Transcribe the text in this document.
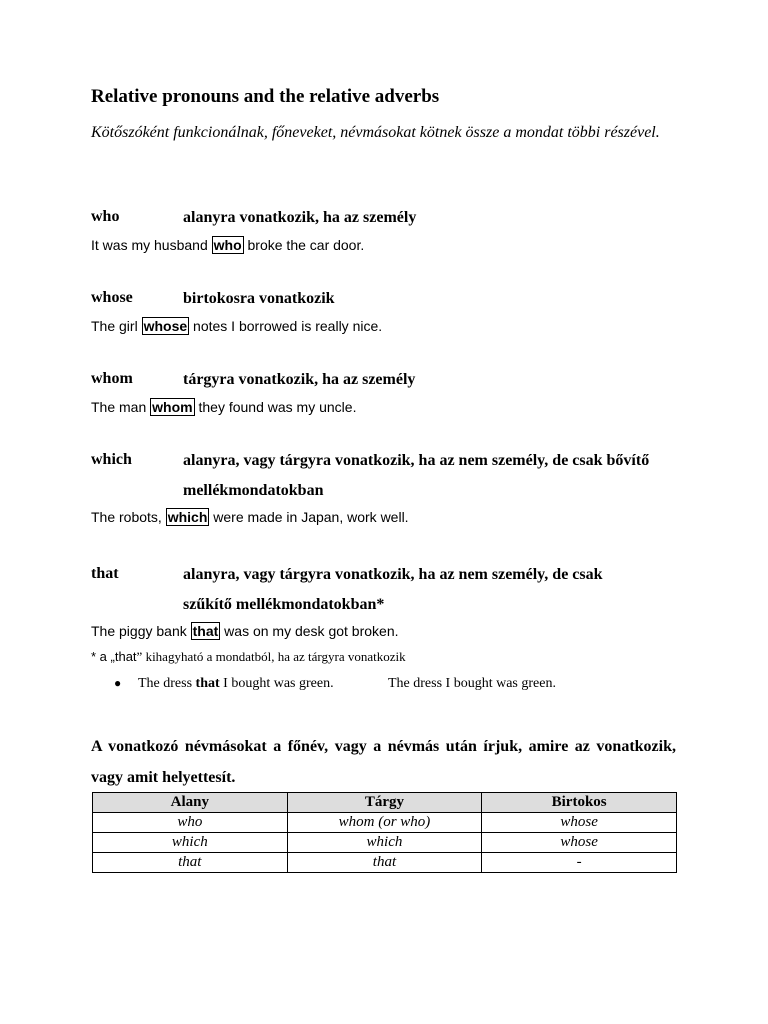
Relative pronouns and the relative adverbs
Kötőszóként funkcionálnak, főneveket, névmásokat kötnek össze a mondat többi részével.
who	alanyra vonatkozik, ha az személy
It was my husband who broke the car door.
whose	birtokosra vonatkozik
The girl whose notes I borrowed is really nice.
whom	tárgyra vonatkozik, ha az személy
The man whom they found was my uncle.
which	alanyra, vagy tárgyra vonatkozik, ha az nem személy, de csak bővítő mellékmondatokban
The robots, which were made in Japan, work well.
that	alanyra, vagy tárgyra vonatkozik, ha az nem személy, de csak szűkítő mellékmondatokban*
The piggy bank that was on my desk got broken.
* a „that” kihagyható a mondatból, ha az tárgyra vonatkozik
● The dress that I bought was green.	The dress I bought was green.
A vonatkozó névmásokat a főnév, vagy a névmás után írjuk, amire az vonatkozik, vagy amit helyettesít.
Alany	Tárgy	Birtokos
who	whom (or who)	whose
which	which	whose
that	that	-
